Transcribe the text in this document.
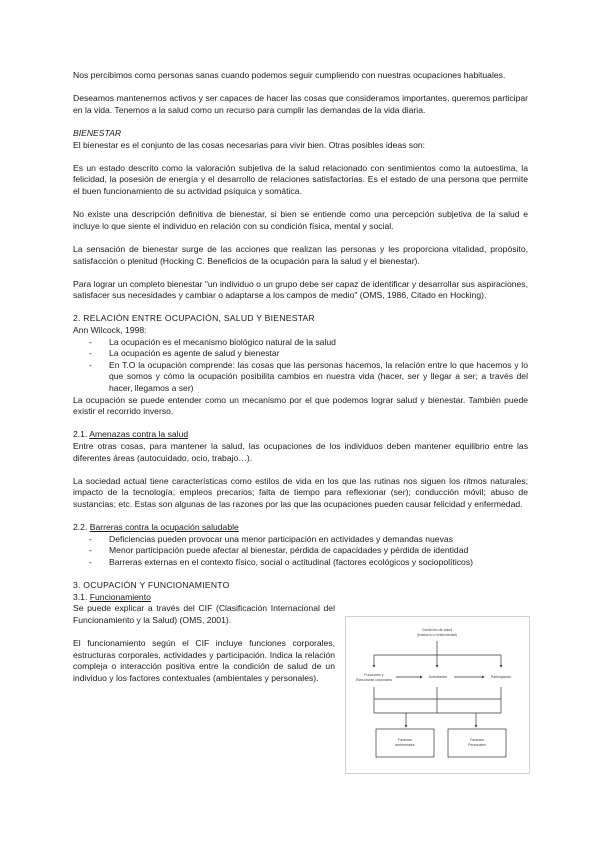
Nos percibimos como personas sanas cuando podemos seguir cumpliendo con nuestras ocupaciones habituales.

Deseamos mantenernos activos y ser capaces de hacer las cosas que consideramos importantes, queremos participar en la vida. Tenemos a la salud como un recurso para cumplir las demandas de la vida diaria.

BIENESTAR

El bienestar es el conjunto de las cosas necesarias para vivir bien. Otras posibles ideas son:

Es un estado descrito como la valoración subjetiva de la salud relacionado con sentimientos como la autoestima, la felicidad, la posesión de energía y el desarrollo de relaciones satisfactorias. Es el estado de una persona que permite el buen funcionamiento de su actividad psíquica y somática.

No existe una descripción definitiva de bienestar, si bien se entiende como una percepción subjetiva de la salud e incluye lo que siente el individuo en relación con su condición física, mental y social.

La sensación de bienestar surge de las acciones que realizan las personas y les proporciona vitalidad, propósito, satisfacción o plenitud (Hocking C. Beneficios de la ocupación para la salud y el bienestar).

Para lograr un completo bienestar "un individuo o un grupo debe ser capaz de identificar y desarrollar sus aspiraciones, satisfacer sus necesidades y cambiar o adaptarse a los campos de medio" (OMS, 1986, Citado en Hocking).

2. RELACIÓN ENTRE OCUPACIÓN, SALUD Y BIENESTAR

Ann Wilcock, 1998:

- La ocupación es el mecanismo biológico natural de la salud
- La ocupación es agente de salud y bienestar
- En T.O la ocupación comprende: las cosas que las personas hacemos, la relación entre lo que hacemos y lo que somos y cómo la ocupación posibilita cambios en nuestra vida (hacer, ser y llegar a ser; a través del hacer, llegamos a ser)

La ocupación se puede entender como un mecanismo por el que podemos lograr salud y bienestar. También puede existir el recorrido inverso.

2.1. Amenazas contra la salud

Entre otras cosas, para mantener la salud, las ocupaciones de los individuos deben mantener equilibrio entre las diferentes áreas (autocuidado, ocio, trabajo…).

La sociedad actual tiene características como estilos de vida en los que las rutinas nos siguen los ritmos naturales; impacto de la tecnología; empleos precarios; falta de tiempo para reflexionar (ser); conducción móvil; abuso de sustancias; etc. Estas son algunas de las razones por las que las ocupaciones pueden causar felicidad y enfermedad.

2.2. Barreras contra la ocupación saludable

- Deficiencias pueden provocar una menor participación en actividades y demandas nuevas
- Menor participación puede afectar al bienestar, pérdida de capacidades y pérdida de identidad
- Barreras externas en el contexto físico, social o actitudinal (factores ecológicos y sociopolíticos)

3. OCUPACIÓN Y FUNCIONAMIENTO

3.1. Funcionamiento

Se puede explicar a través del CIF (Clasificación Internacional del Funcionamiento y la Salud) (OMS, 2001).

El funcionamiento según el CIF incluye funciones corporales, estructuras corporales, actividades y participación. Indica la relación compleja o interacción positiva entre la condición de salud de un individuo y los factores contextuales (ambientales y personales).

Condición de salud
(trastorno o enfermedad)
Funciones y
Estructuras corporales
Actividades	Participación
Factores
ambientales
Factores
Personales
